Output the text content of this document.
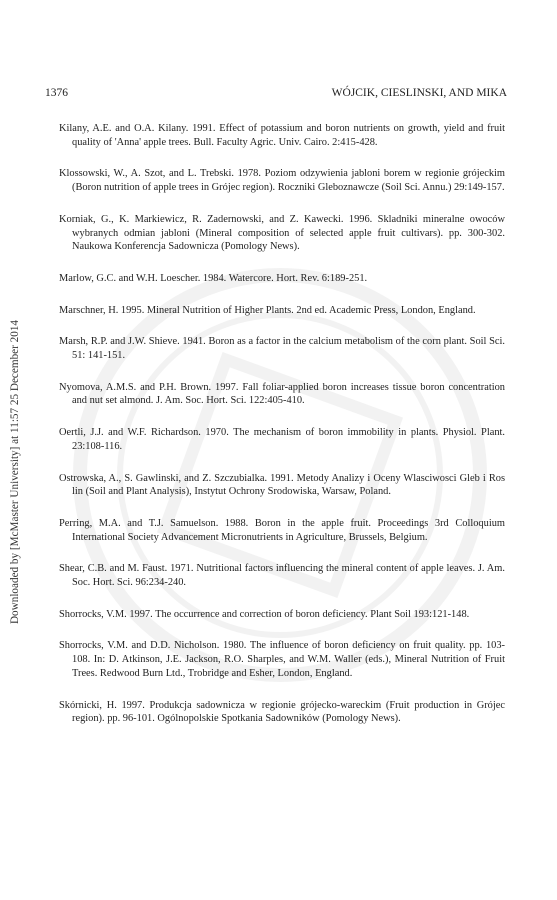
Downloaded by [McMaster University] at 11:57 25 December 2014
1376	WÓJCIK, CIESLINSKI, AND MIKA

Kilany, A.E. and O.A. Kilany. 1991. Effect of potassium and boron nutrients on growth, yield and fruit quality of 'Anna' apple trees. Bull. Faculty Agric. Univ. Cairo. 2:415-428.

Klossowski, W., A. Szot, and L. Trebski. 1978. Poziom odzywienia jabloni borem w regionie grójeckim (Boron nutrition of apple trees in Grójec region). Roczniki Gleboznawcze (Soil Sci. Annu.) 29:149-157.

Korniak, G., K. Markiewicz, R. Zadernowski, and Z. Kawecki. 1996. Skladniki mineralne owoców wybranych odmian jabloni (Mineral composition of selected apple fruit cultivars). pp. 300-302. Naukowa Konferencja Sadownicza (Pomology News).

Marlow, G.C. and W.H. Loescher. 1984. Watercore. Hort. Rev. 6:189-251.

Marschner, H. 1995. Mineral Nutrition of Higher Plants. 2nd ed. Academic Press, London, England.

Marsh, R.P. and J.W. Shieve. 1941. Boron as a factor in the calcium metabolism of the corn plant. Soil Sci. 51: 141-151.

Nyomova, A.M.S. and P.H. Brown. 1997. Fall foliar-applied boron increases tissue boron concentration and nut set almond. J. Am. Soc. Hort. Sci. 122:405-410.

Oertli, J.J. and W.F. Richardson. 1970. The mechanism of boron immobility in plants. Physiol. Plant. 23:108-116.

Ostrowska, A., S. Gawlinski, and Z. Szczubialka. 1991. Metody Analizy i Oceny Wlasciwosci Gleb i Ros lin (Soil and Plant Analysis), Instytut Ochrony Srodowiska, Warsaw, Poland.

Perring, M.A. and T.J. Samuelson. 1988. Boron in the apple fruit. Proceedings 3rd Colloquium International Society Advancement Micronutrients in Agriculture, Brussels, Belgium.

Shear, C.B. and M. Faust. 1971. Nutritional factors influencing the mineral content of apple leaves. J. Am. Soc. Hort. Sci. 96:234-240.

Shorrocks, V.M. 1997. The occurrence and correction of boron deficiency. Plant Soil 193:121-148.

Shorrocks, V.M. and D.D. Nicholson. 1980. The influence of boron deficiency on fruit quality. pp. 103-108. In: D. Atkinson, J.E. Jackson, R.O. Sharples, and W.M. Waller (eds.), Mineral Nutrition of Fruit Trees. Redwood Burn Ltd., Trobridge and Esher, London, England.

Skórnicki, H. 1997. Produkcja sadownicza w regionie grójecko-wareckim (Fruit production in Grójec region). pp. 96-101. Ogólnopolskie Spotkania Sadowników (Pomology News).
